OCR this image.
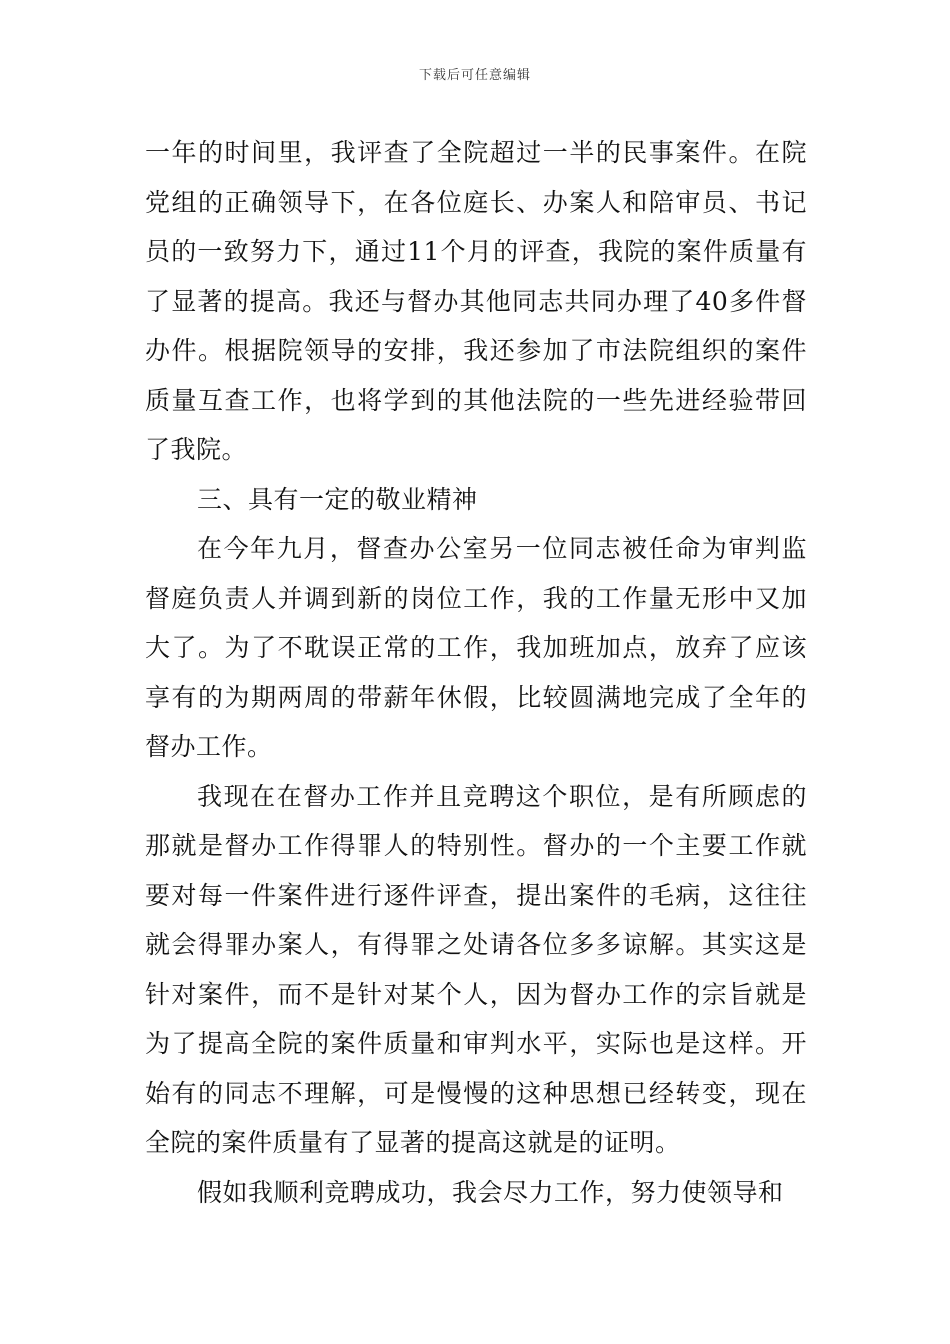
下载后可任意编辑

一年的时间里，我评查了全院超过一半的民事案件。在院党组的正确领导下，在各位庭长、办案人和陪审员、书记员的一致努力下，通过11个月的评查，我院的案件质量有了显著的提高。我还与督办其他同志共同办理了40多件督办件。根据院领导的安排，我还参加了市法院组织的案件质量互查工作，也将学到的其他法院的一些先进经验带回了我院。

三、具有一定的敬业精神

在今年九月，督查办公室另一位同志被任命为审判监督庭负责人并调到新的岗位工作，我的工作量无形中又加大了。为了不耽误正常的工作，我加班加点，放弃了应该享有的为期两周的带薪年休假，比较圆满地完成了全年的督办工作。

我现在在督办工作并且竞聘这个职位，是有所顾虑的那就是督办工作得罪人的特别性。督办的一个主要工作就要对每一件案件进行逐件评查，提出案件的毛病，这往往就会得罪办案人，有得罪之处请各位多多谅解。其实这是针对案件，而不是针对某个人，因为督办工作的宗旨就是为了提高全院的案件质量和审判水平，实际也是这样。开始有的同志不理解，可是慢慢的这种思想已经转变，现在全院的案件质量有了显著的提高这就是的证明。

假如我顺利竞聘成功，我会尽力工作，努力使领导和
